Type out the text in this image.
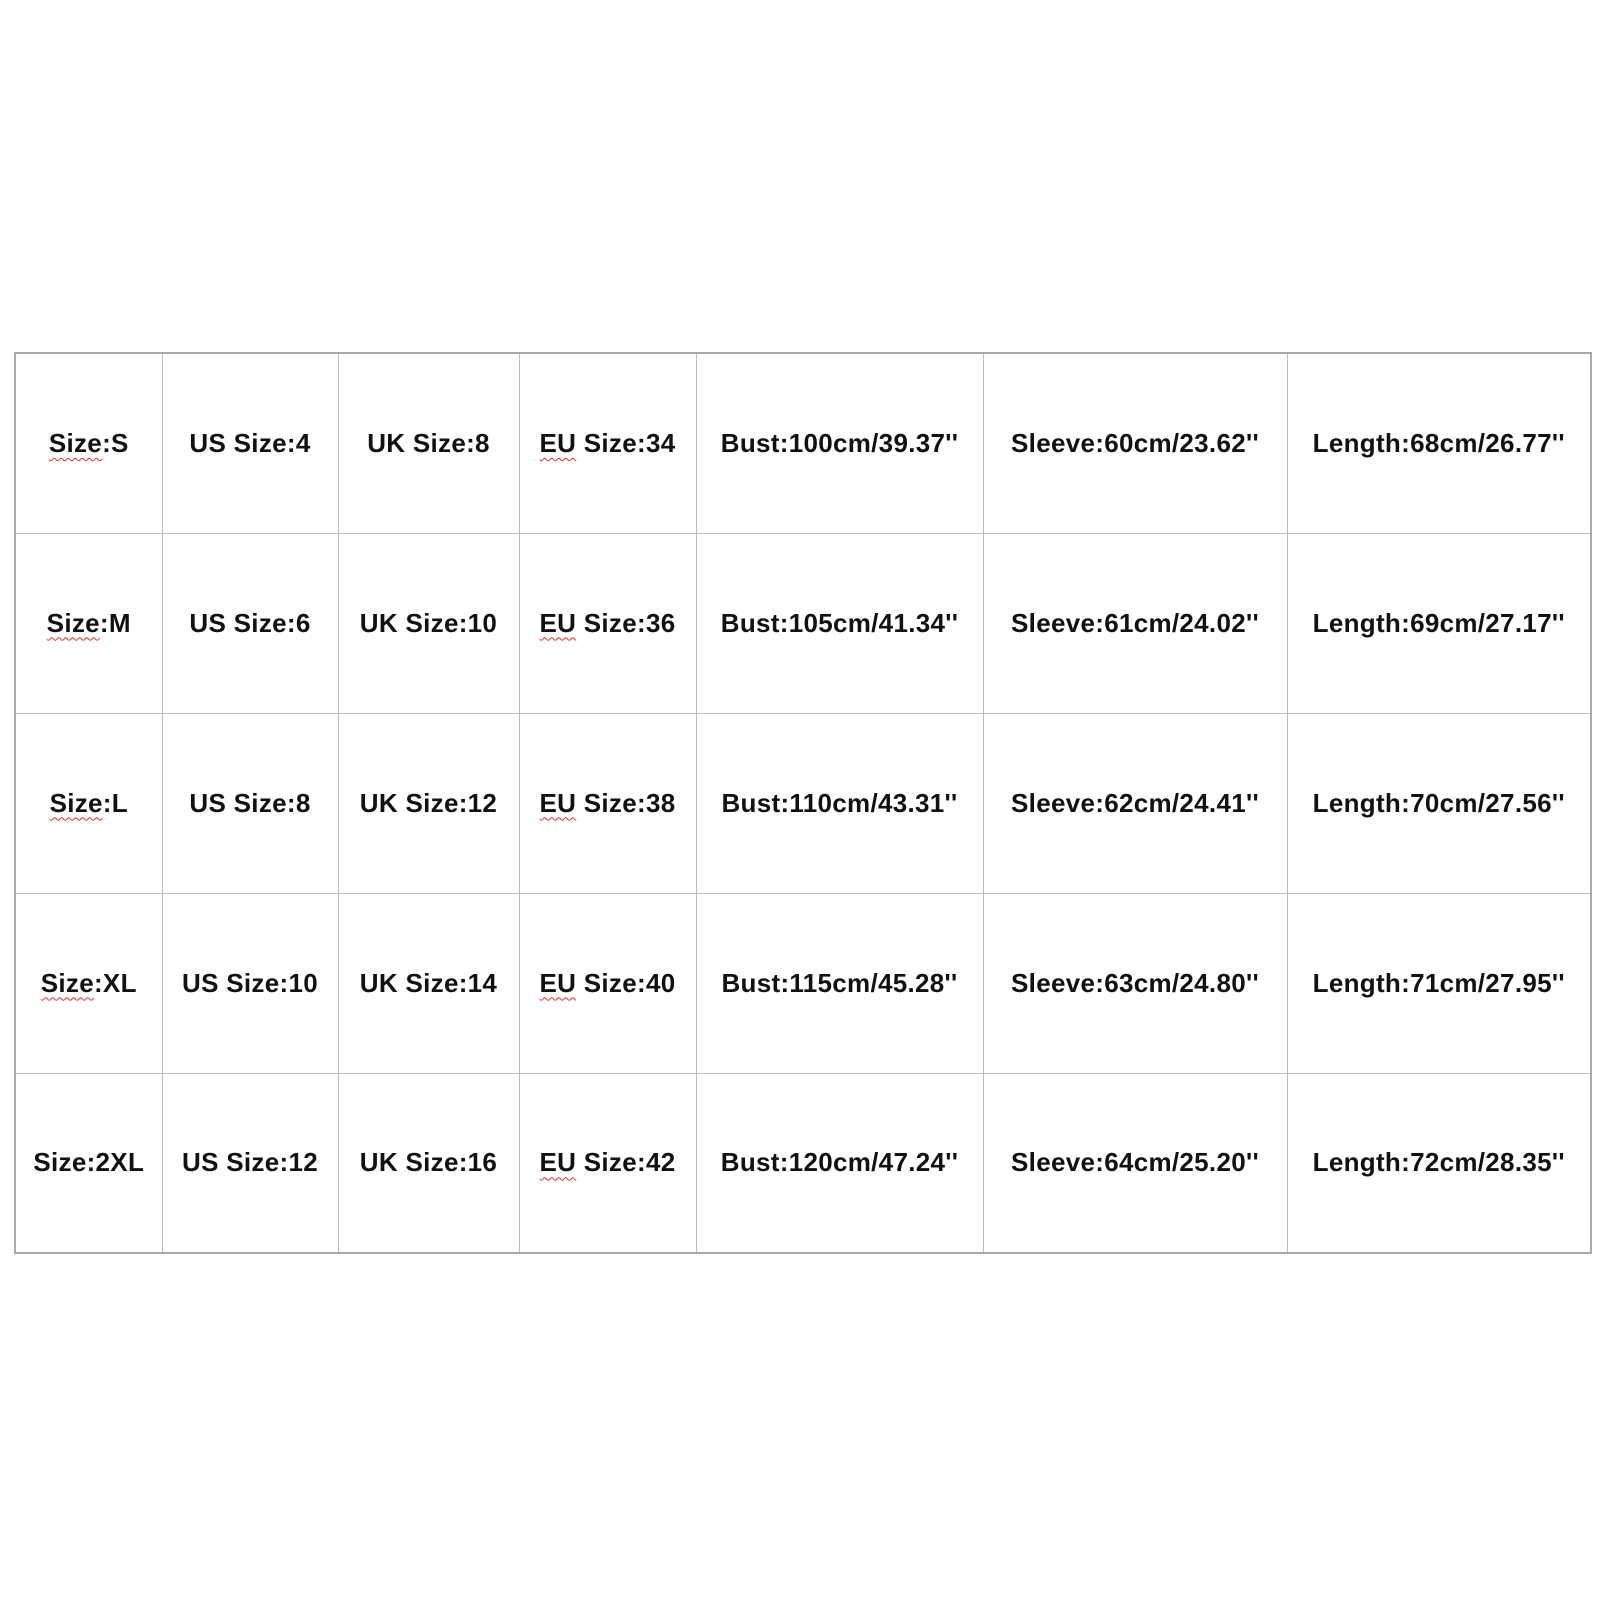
Size:S	US Size:4	UK Size:8	EU Size:34	Bust:100cm/39.37''	Sleeve:60cm/23.62''	Length:68cm/26.77''
Size:M	US Size:6	UK Size:10	EU Size:36	Bust:105cm/41.34''	Sleeve:61cm/24.02''	Length:69cm/27.17''
Size:L	US Size:8	UK Size:12	EU Size:38	Bust:110cm/43.31''	Sleeve:62cm/24.41''	Length:70cm/27.56''
Size:XL	US Size:10	UK Size:14	EU Size:40	Bust:115cm/45.28''	Sleeve:63cm/24.80''	Length:71cm/27.95''
Size:2XL	US Size:12	UK Size:16	EU Size:42	Bust:120cm/47.24''	Sleeve:64cm/25.20''	Length:72cm/28.35''
